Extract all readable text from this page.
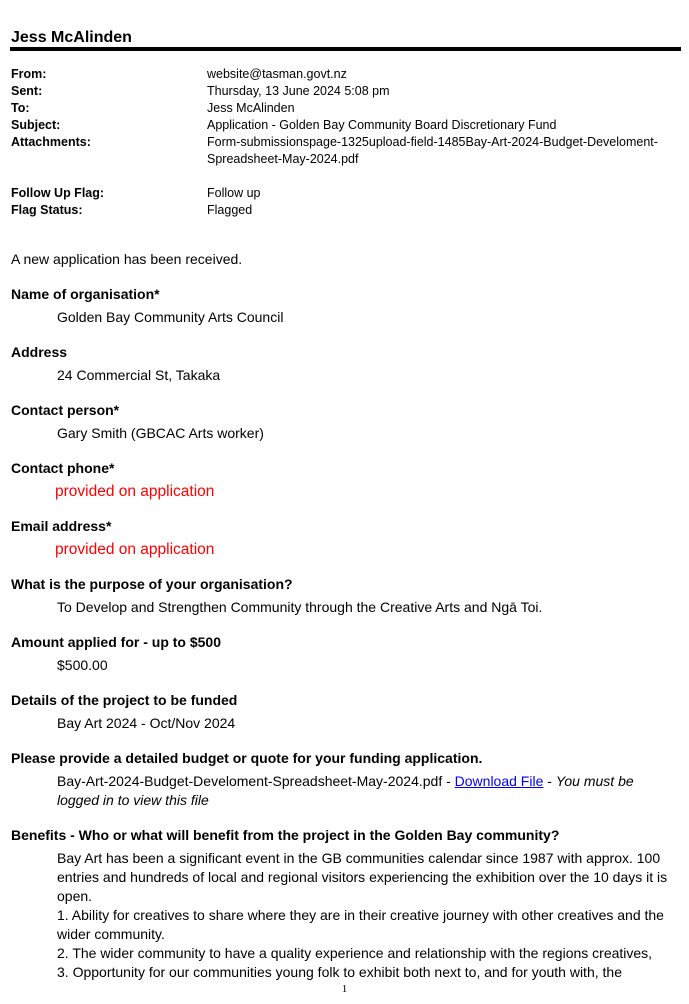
Jess McAlinden
From:	website@tasman.govt.nz
Sent:	Thursday, 13 June 2024 5:08 pm
To:	Jess McAlinden
Subject:	Application - Golden Bay Community Board Discretionary Fund
Attachments:	Form-submissionspage-1325upload-field-1485Bay-Art-2024-Budget-Develoment-Spreadsheet-May-2024.pdf
Follow Up Flag:	Follow up
Flag Status:	Flagged

A new application has been received.

Name of organisation*

Golden Bay Community Arts Council

Address

24 Commercial St, Takaka

Contact person*

Gary Smith (GBCAC Arts worker)

Contact phone*

provided on application

Email address*

provided on application

What is the purpose of your organisation?

To Develop and Strengthen Community through the Creative Arts and Ngā Toi.

Amount applied for - up to $500

$500.00

Details of the project to be funded

Bay Art 2024 - Oct/Nov 2024

Please provide a detailed budget or quote for your funding application.

Bay-Art-2024-Budget-Develoment-Spreadsheet-May-2024.pdf - Download File - You must be logged in to view this file

Benefits - Who or what will benefit from the project in the Golden Bay community?

Bay Art has been a significant event in the GB communities calendar since 1987 with approx. 100 entries and hundreds of local and regional visitors experiencing the exhibition over the 10 days it is open.
1. Ability for creatives to share where they are in their creative journey with other creatives and the wider community.
2. The wider community to have a quality experience and relationship with the regions creatives,
3. Opportunity for our communities young folk to exhibit both next to, and for youth with, the
1
